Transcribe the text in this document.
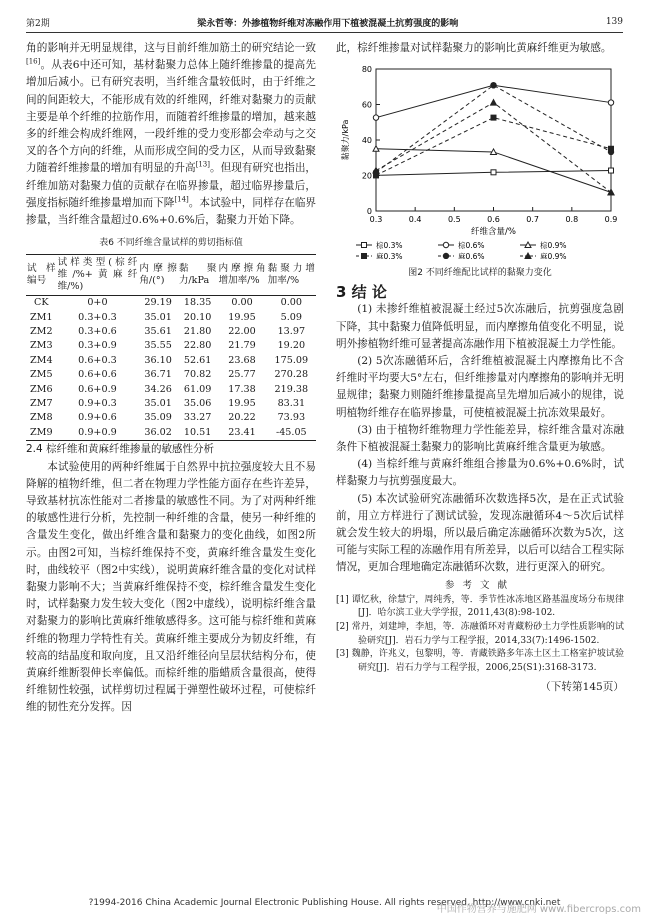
第2期	梁永哲等：外掺植物纤维对冻融作用下植被混凝土抗剪强度的影响	139

角的影响并无明显规律，这与目前纤维加筋土的研究结论一致[16]。从表6中还可知，基材黏聚力总体上随纤维掺量的提高先增加后减小。已有研究表明，当纤维含量较低时，由于纤维之间的间距较大，不能形成有效的纤维网，纤维对黏聚力的贡献主要是单个纤维的拉筋作用，而随着纤维掺量的增加，越来越多的纤维会构成纤维网，一段纤维的受力变形都会牵动与之交叉的各个方向的纤维，从而形成空间的受力区，从而导致黏聚力随着纤维掺量的增加有明显的升高[13]。但现有研究也指出，纤维加筋对黏聚力值的贡献存在临界掺量，超过临界掺量后，强度指标随纤维掺量增加而下降[14]。本试验中，同样存在临界掺量，当纤维含量超过0.6%+0.6%后，黏聚力开始下降。

表6 不同纤维含量试样的剪切指标值
试样编号	试样类型(棕纤维/%+黄麻纤维/%)	内摩擦角/(°)	黏聚力/kPa	内摩擦角增加率/%	黏聚力增加率/%
CK	0+0	29.19	18.35	0.00	0.00
ZM1	0.3+0.3	35.01	20.10	19.95	5.09
ZM2	0.3+0.6	35.61	21.80	22.00	13.97
ZM3	0.3+0.9	35.55	22.80	21.79	19.20
ZM4	0.6+0.3	36.10	52.61	23.68	175.09
ZM5	0.6+0.6	36.71	70.82	25.77	270.28
ZM6	0.6+0.9	34.26	61.09	17.38	219.38
ZM7	0.9+0.3	35.01	35.06	19.95	83.31
ZM8	0.9+0.6	35.09	33.27	20.22	73.93
ZM9	0.9+0.9	36.02	10.51	23.41	-45.05

2.4 棕纤维和黄麻纤维掺量的敏感性分析

本试验使用的两种纤维属于自然界中抗拉强度较大且不易降解的植物纤维，但二者在物理力学性能方面存在些许差异，导致基材抗冻性能对二者掺量的敏感性不同。为了对两种纤维的敏感性进行分析，先控制一种纤维的含量，使另一种纤维的含量发生变化，做出纤维含量和黏聚力的变化曲线，如图2所示。由图2可知，当棕纤维保持不变，黄麻纤维含量发生变化时，曲线较平（图2中实线），说明黄麻纤维含量的变化对试样黏聚力影响不大；当黄麻纤维保持不变，棕纤维含量发生变化时，试样黏聚力发生较大变化（图2中虚线），说明棕纤维含量对黏聚力的影响比黄麻纤维敏感得多。这可能与棕纤维和黄麻纤维的物理力学特性有关。黄麻纤维主要成分为韧皮纤维，有较高的结晶度和取向度，且又沿纤维径向呈层状结构分布，使黄麻纤维断裂伸长率偏低。而棕纤维的脂蜡质含量很高，使得纤维韧性较强，试样剪切过程属于弹塑性破坏过程，可使棕纤维的韧性充分发挥。因

此，棕纤维掺量对试样黏聚力的影响比黄麻纤维更为敏感。

0
20
40
60
80
0.3	0.4	0.5	0.6	0.7	0.8	0.9
黏聚力/kPa
纤维含量/%
棕0.3%	棕0.6%	棕0.9%
麻0.3%	麻0.6%	麻0.9%
图2 不同纤维配比试样的黏聚力变化

3 结 论

(1) 未掺纤维植被混凝土经过5次冻融后，抗剪强度急剧下降，其中黏聚力值降低明显，而内摩擦角值变化不明显，说明外掺植物纤维可显著提高冻融作用下植被混凝土力学性能。

(2) 5次冻融循环后，含纤维植被混凝土内摩擦角比不含纤维时平均要大5°左右，但纤维掺量对内摩擦角的影响并无明显规律；黏聚力则随纤维掺量提高呈先增加后减小的规律，说明植物纤维存在临界掺量，可使植被混凝土抗冻效果最好。

(3) 由于植物纤维物理力学性能差异，棕纤维含量对冻融条件下植被混凝土黏聚力的影响比黄麻纤维含量更为敏感。

(4) 当棕纤维与黄麻纤维组合掺量为0.6%+0.6%时，试样黏聚力与抗剪强度最大。

(5) 本次试验研究冻融循环次数选择5次，是在正式试验前，用立方样进行了测试试验，发现冻融循环4～5次后试样就会发生较大的坍塌，所以最后确定冻融循环次数为5次，这可能与实际工程的冻融作用有所差异，以后可以结合工程实际情况，更加合理地确定冻融循环次数，进行更深入的研究。

参考文献

[1] 谭忆秋，徐慧宁，周纯秀，等．季节性冰冻地区路基温度场分布规律[J]．哈尔滨工业大学学报，2011,43(8):98-102.

[2] 常丹，刘建坤，李旭，等．冻融循环对青藏粉砂土力学性质影响的试验研究[J]．岩石力学与工程学报，2014,33(7):1496-1502.

[3] 魏静，许兆义，包黎明，等．青藏铁路多年冻土区土工格室护坡试验研究[J]．岩石力学与工程学报，2006,25(S1):3168-3173.

（下转第145页）

?1994-2016 China Academic Journal Electronic Publishing House. All rights reserved. http://www.cnki.net
中国作物营养与施肥网 www.fibercrops.com
